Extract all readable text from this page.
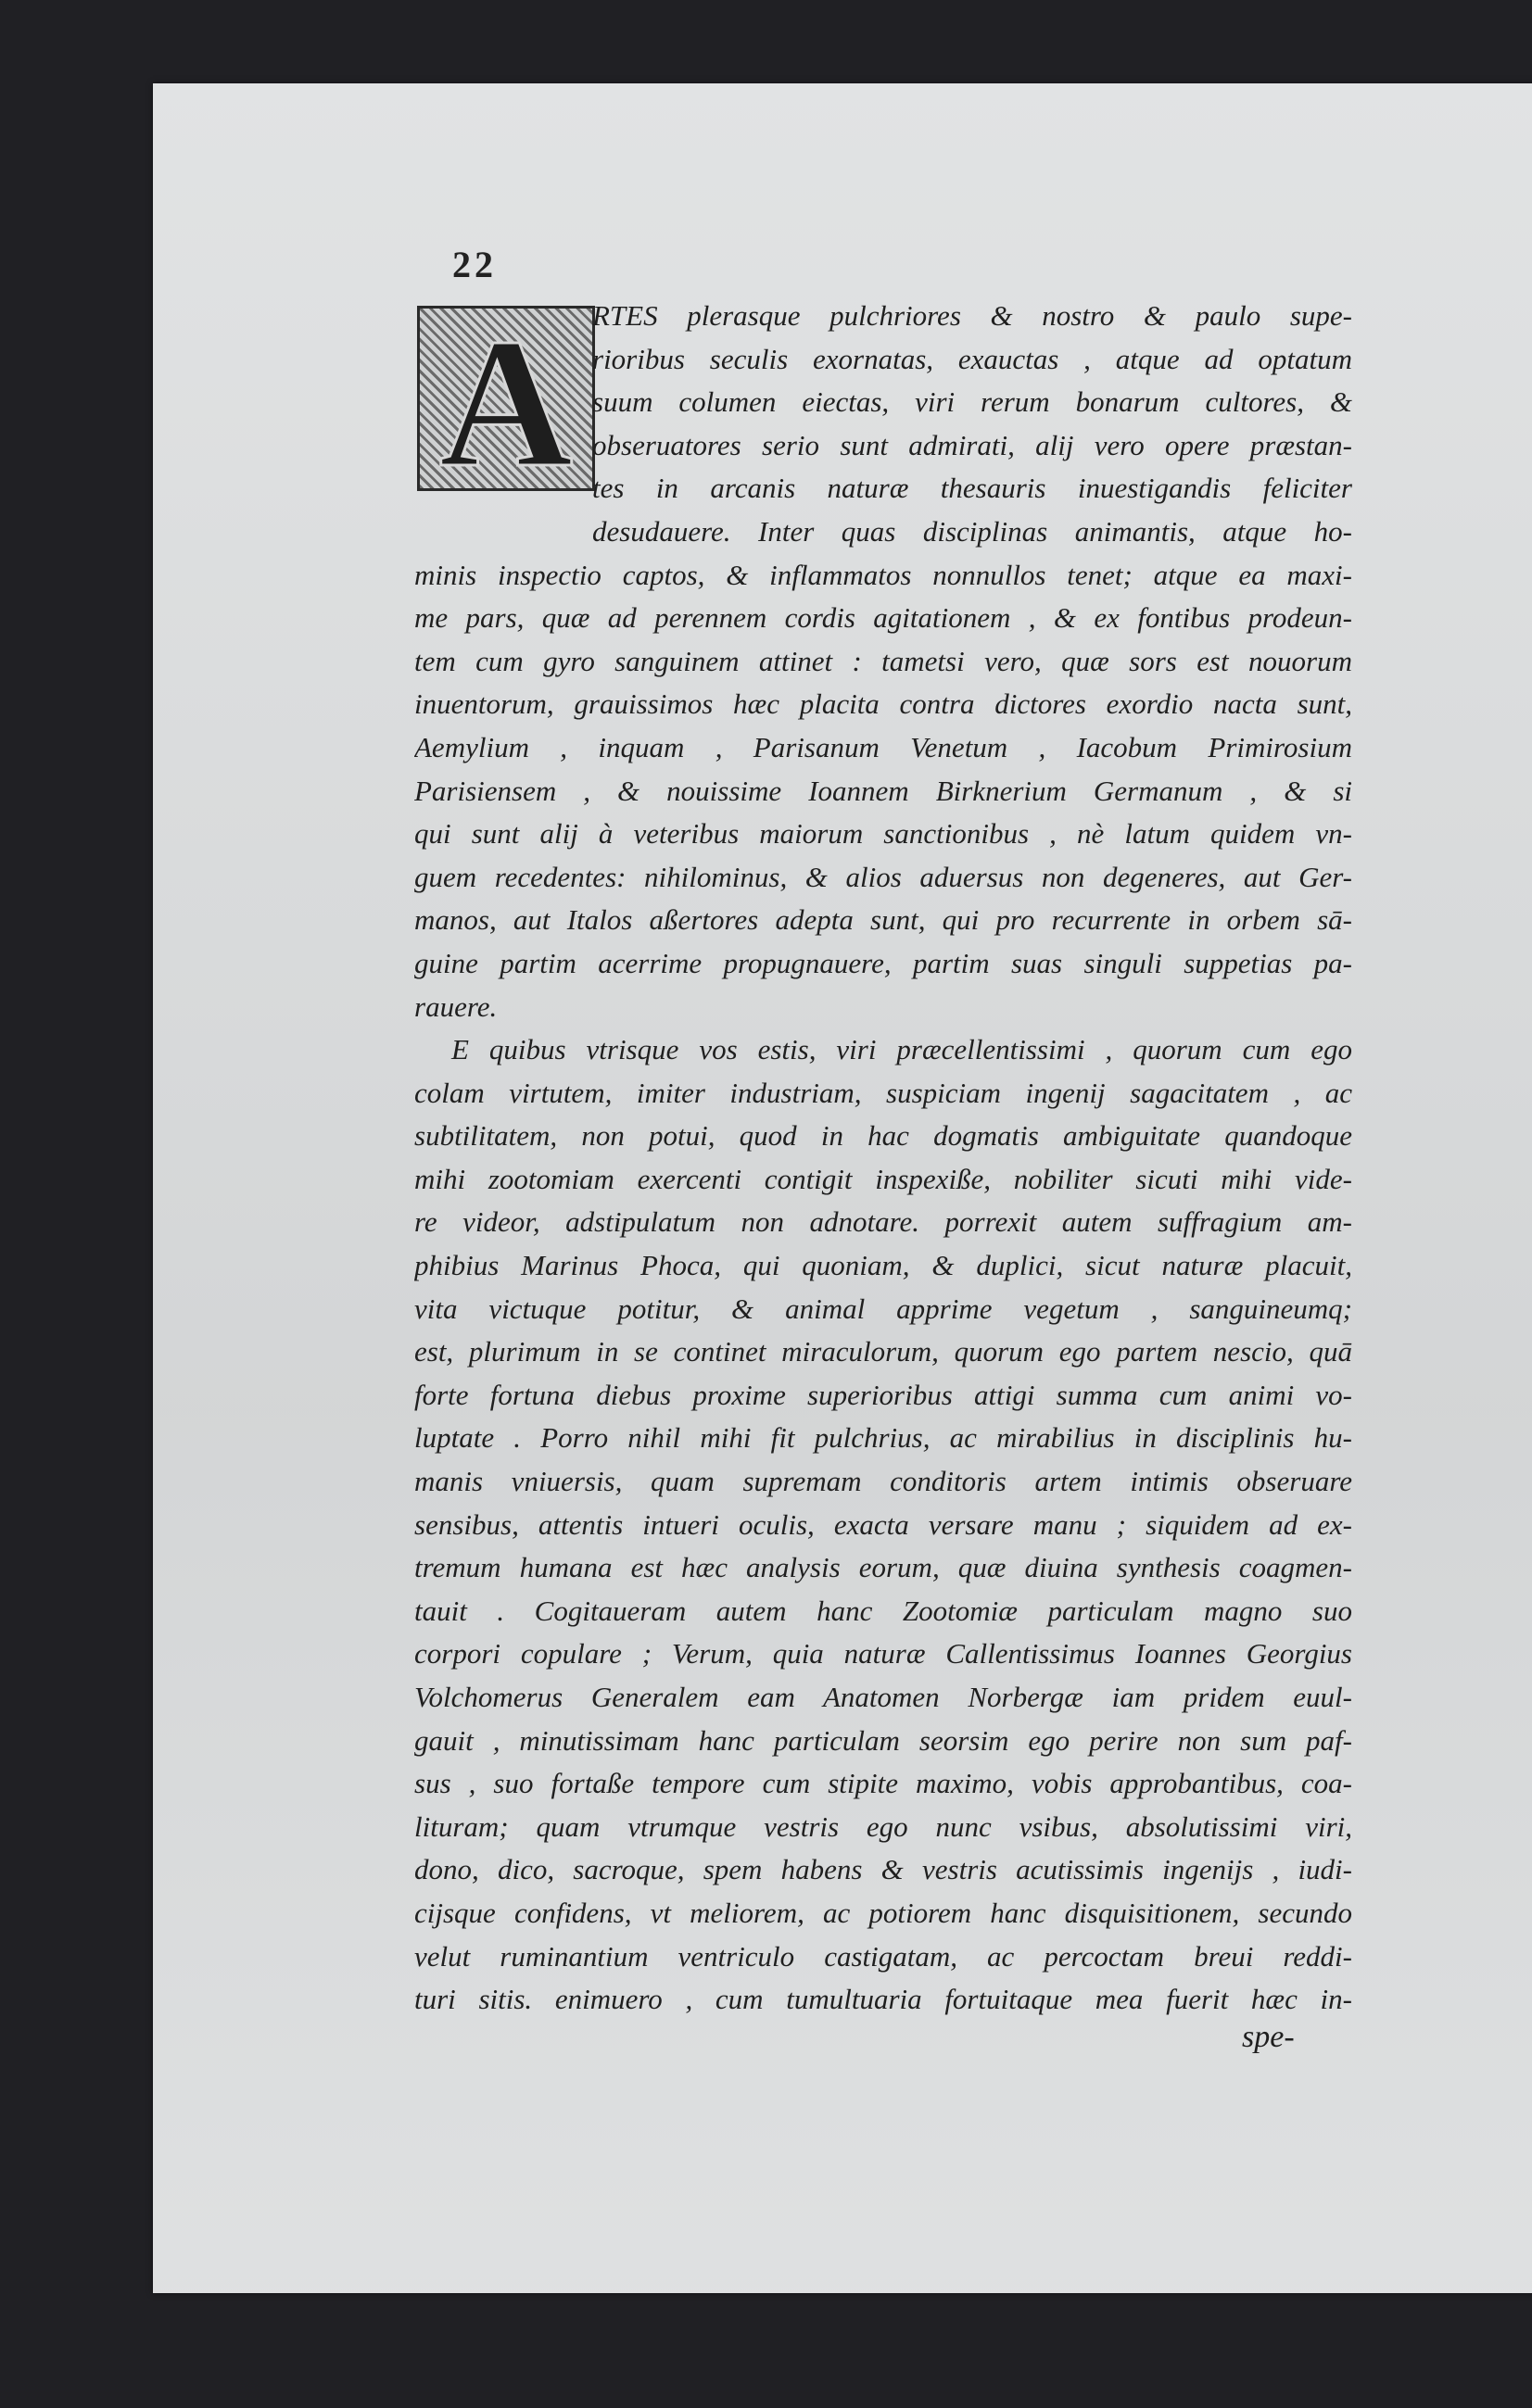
22
A RTES plerasque pulchriores & nostro & paulo supe-
rioribus seculis exornatas, exauctas , atque ad optatum
suum columen eiectas, viri rerum bonarum cultores, &
obseruatores serio sunt admirati, alij vero opere præstan-
tes in arcanis naturæ thesauris inuestigandis feliciter
desudauere. Inter quas disciplinas animantis, atque ho-
minis inspectio captos, & inflammatos nonnullos tenet; atque ea maxi-
me pars, quæ ad perennem cordis agitationem , & ex fontibus prodeun-
tem cum gyro sanguinem attinet : tametsi vero, quæ sors est nouorum
inuentorum, grauissimos hæc placita contra dictores exordio nacta sunt,
Aemylium , inquam , Parisanum Venetum , Iacobum Primirosium
Parisiensem , & nouissime Ioannem Birknerium Germanum , & si
qui sunt alij à veteribus maiorum sanctionibus , nè latum quidem vn-
guem recedentes: nihilominus, & alios aduersus non degeneres, aut Ger-
manos, aut Italos aßertores adepta sunt, qui pro recurrente in orbem sā-
guine partim acerrime propugnauere, partim suas singuli suppetias pa-
rauere.
E quibus vtrisque vos estis, viri præcellentissimi , quorum cum ego
colam virtutem, imiter industriam, suspiciam ingenij sagacitatem , ac
subtilitatem, non potui, quod in hac dogmatis ambiguitate quandoque
mihi zootomiam exercenti contigit inspexiße, nobiliter sicuti mihi vide-
re videor, adstipulatum non adnotare. porrexit autem suffragium am-
phibius Marinus Phoca, qui quoniam, & duplici, sicut naturæ placuit,
vita victuque potitur, & animal apprime vegetum , sanguineumq;
est, plurimum in se continet miraculorum, quorum ego partem nescio, quā
forte fortuna diebus proxime superioribus attigi summa cum animi vo-
luptate . Porro nihil mihi fit pulchrius, ac mirabilius in disciplinis hu-
manis vniuersis, quam supremam conditoris artem intimis obseruare
sensibus, attentis intueri oculis, exacta versare manu ; siquidem ad ex-
tremum humana est hæc analysis eorum, quæ diuina synthesis coagmen-
tauit . Cogitaueram autem hanc Zootomiæ particulam magno suo
corpori copulare ; Verum, quia naturæ Callentissimus Ioannes Georgius
Volchomerus Generalem eam Anatomen Norbergæ iam pridem euul-
gauit , minutissimam hanc particulam seorsim ego perire non sum paf-
sus , suo fortaße tempore cum stipite maximo, vobis approbantibus, coa-
lituram; quam vtrumque vestris ego nunc vsibus, absolutissimi viri,
dono, dico, sacroque, spem habens & vestris acutissimis ingenijs , iudi-
cijsque confidens, vt meliorem, ac potiorem hanc disquisitionem, secundo
velut ruminantium ventriculo castigatam, ac percoctam breui reddi-
turi sitis. enimuero , cum tumultuaria fortuitaque mea fuerit hæc in-
spe-
